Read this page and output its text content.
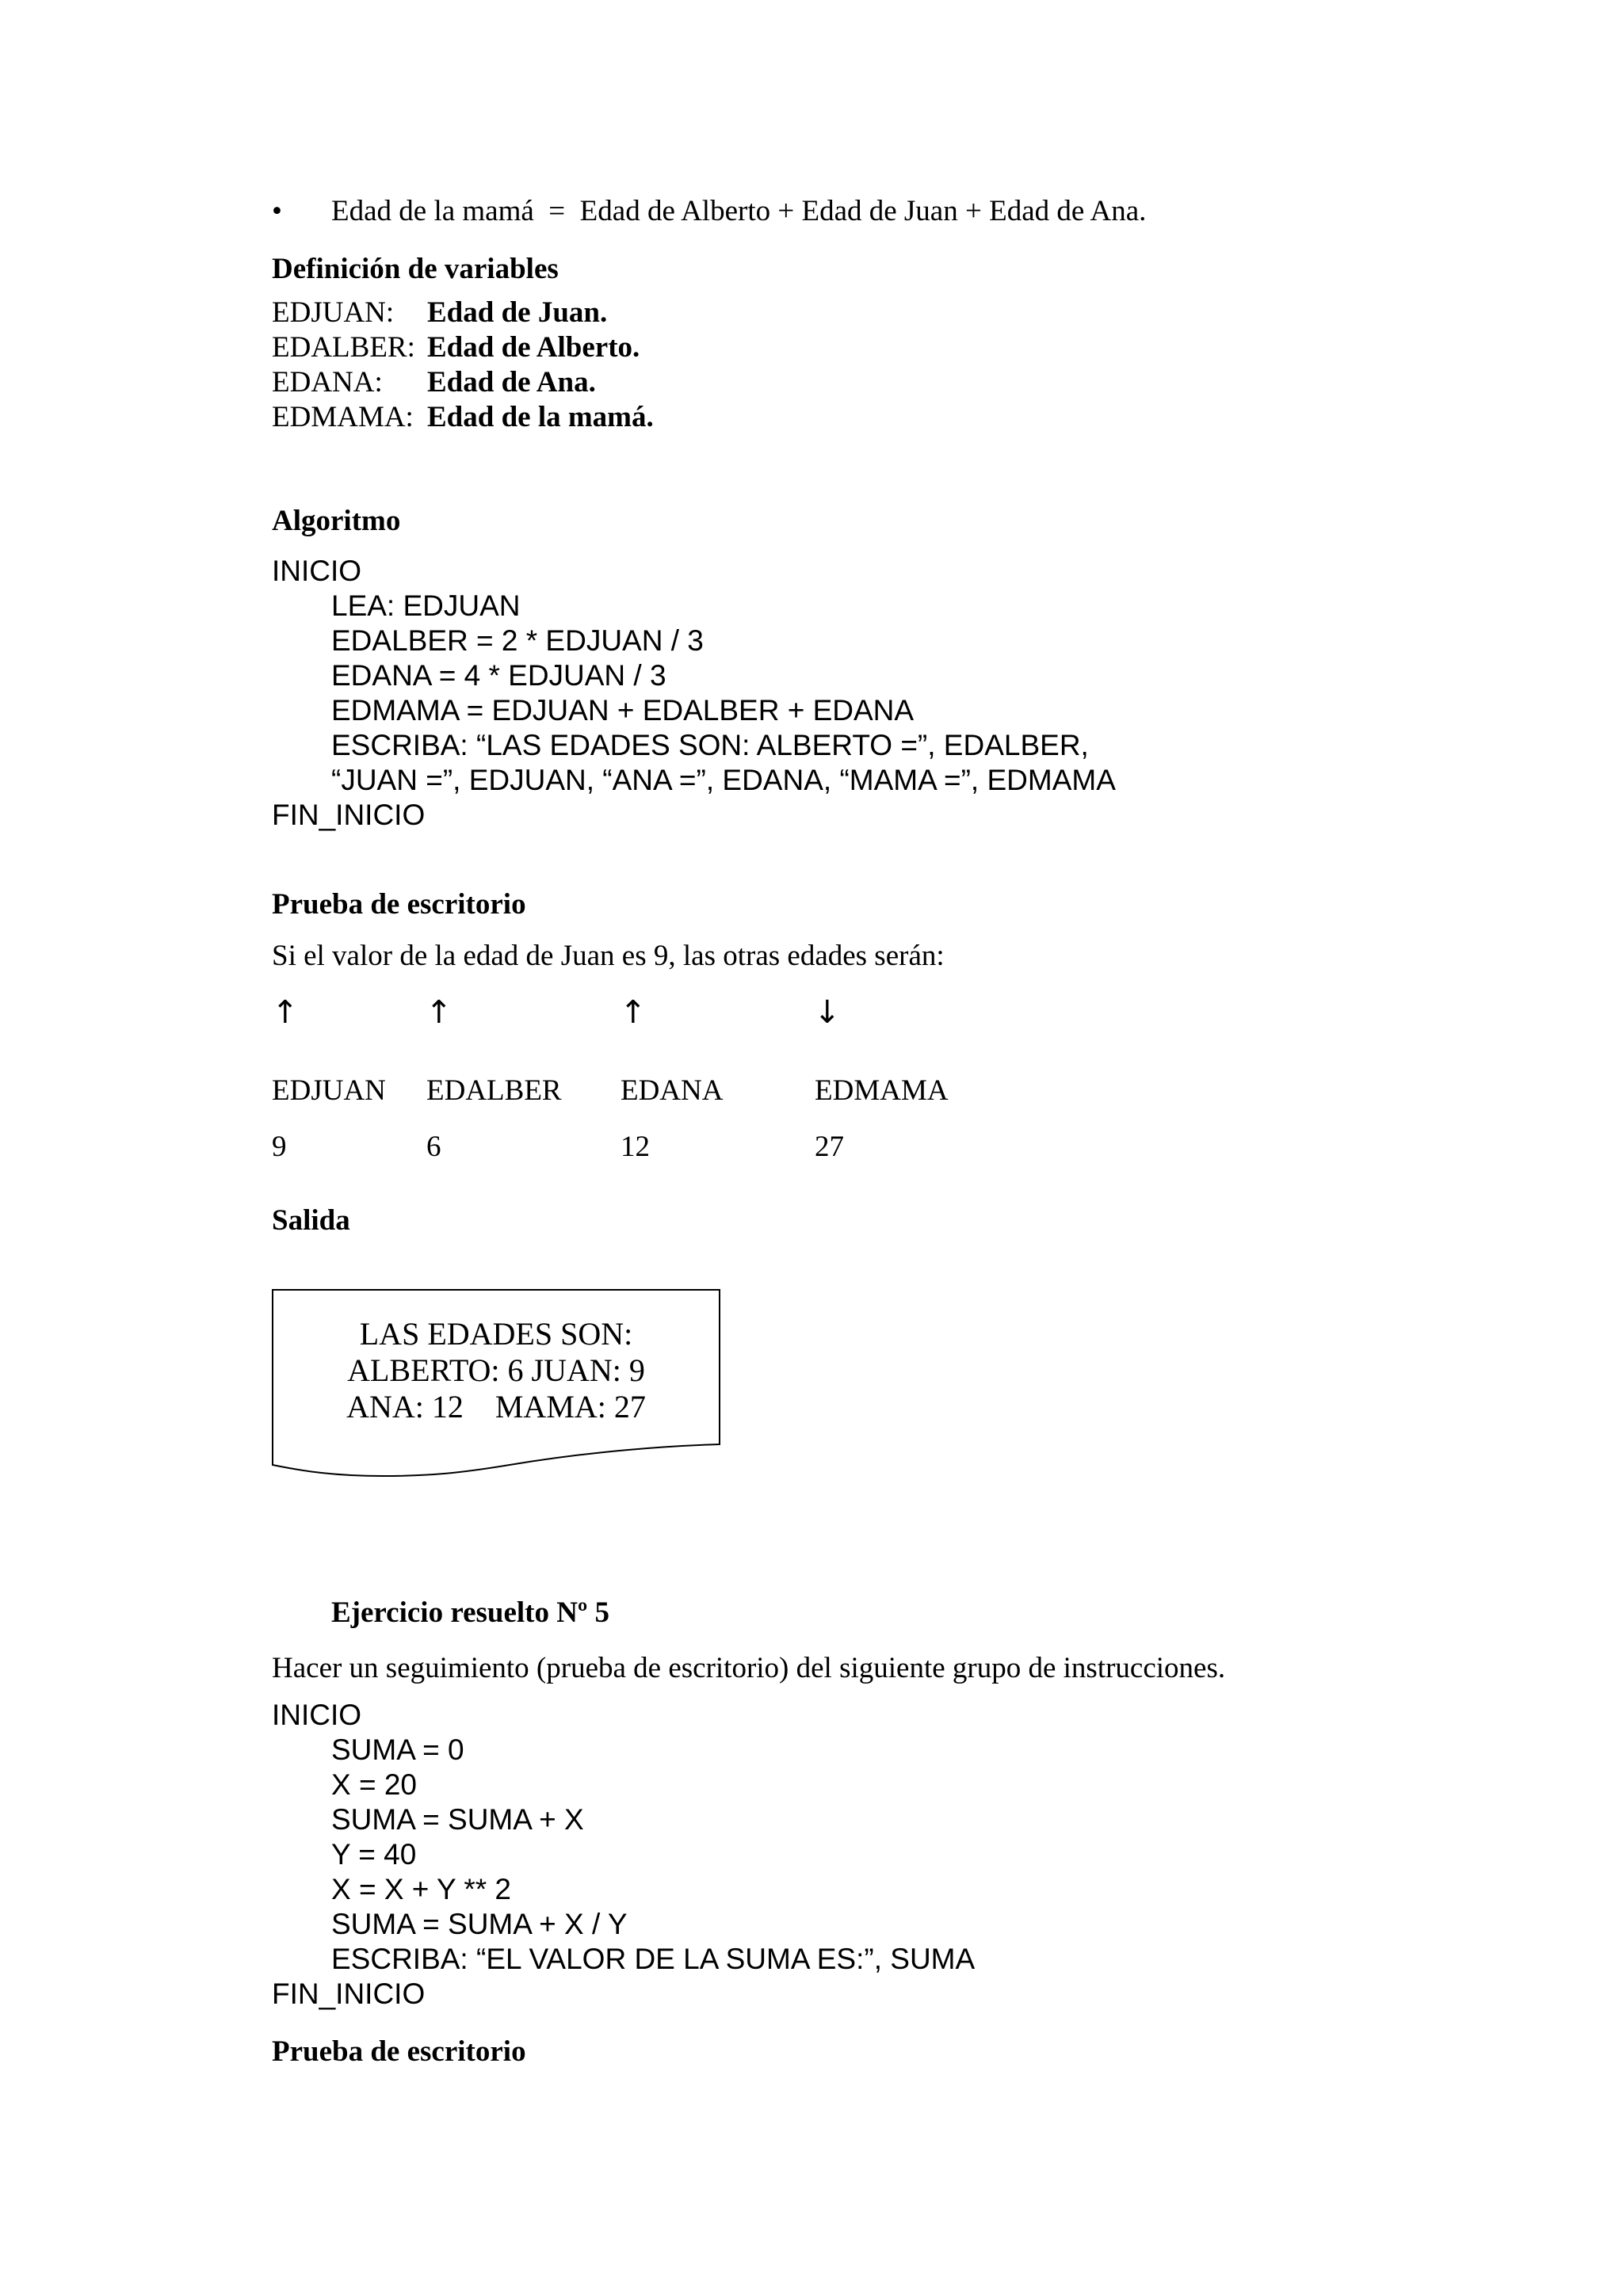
• Edad de la mamá  =  Edad de Alberto + Edad de Juan + Edad de Ana.
Definición de variables
EDJUAN: Edad de Juan.
EDALBER: Edad de Alberto.
EDANA: Edad de Ana.
EDMAMA: Edad de la mamá.
Algoritmo
INICIO
LEA: EDJUAN
EDALBER = 2 * EDJUAN / 3
EDANA = 4 * EDJUAN / 3
EDMAMA = EDJUAN + EDALBER + EDANA
ESCRIBA: “LAS EDADES SON: ALBERTO =”, EDALBER,
“JUAN =”, EDJUAN, “ANA =”, EDANA, “MAMA =”, EDMAMA
FIN_INICIO
Prueba de escritorio
Si el valor de la edad de Juan es 9, las otras edades serán:
↑	↑	↑	↓
EDJUAN EDALBER EDANA	EDMAMA
9	6	12	27
Salida
LAS EDADES SON:
ALBERTO: 6 JUAN: 9
ANA: 12    MAMA: 27
Ejercicio resuelto Nº 5
Hacer un seguimiento (prueba de escritorio) del siguiente grupo de instrucciones.
INICIO
SUMA = 0
X = 20
SUMA = SUMA + X
Y = 40
X = X + Y ** 2
SUMA = SUMA + X / Y
ESCRIBA: “EL VALOR DE LA SUMA ES:”, SUMA
FIN_INICIO
Prueba de escritorio
